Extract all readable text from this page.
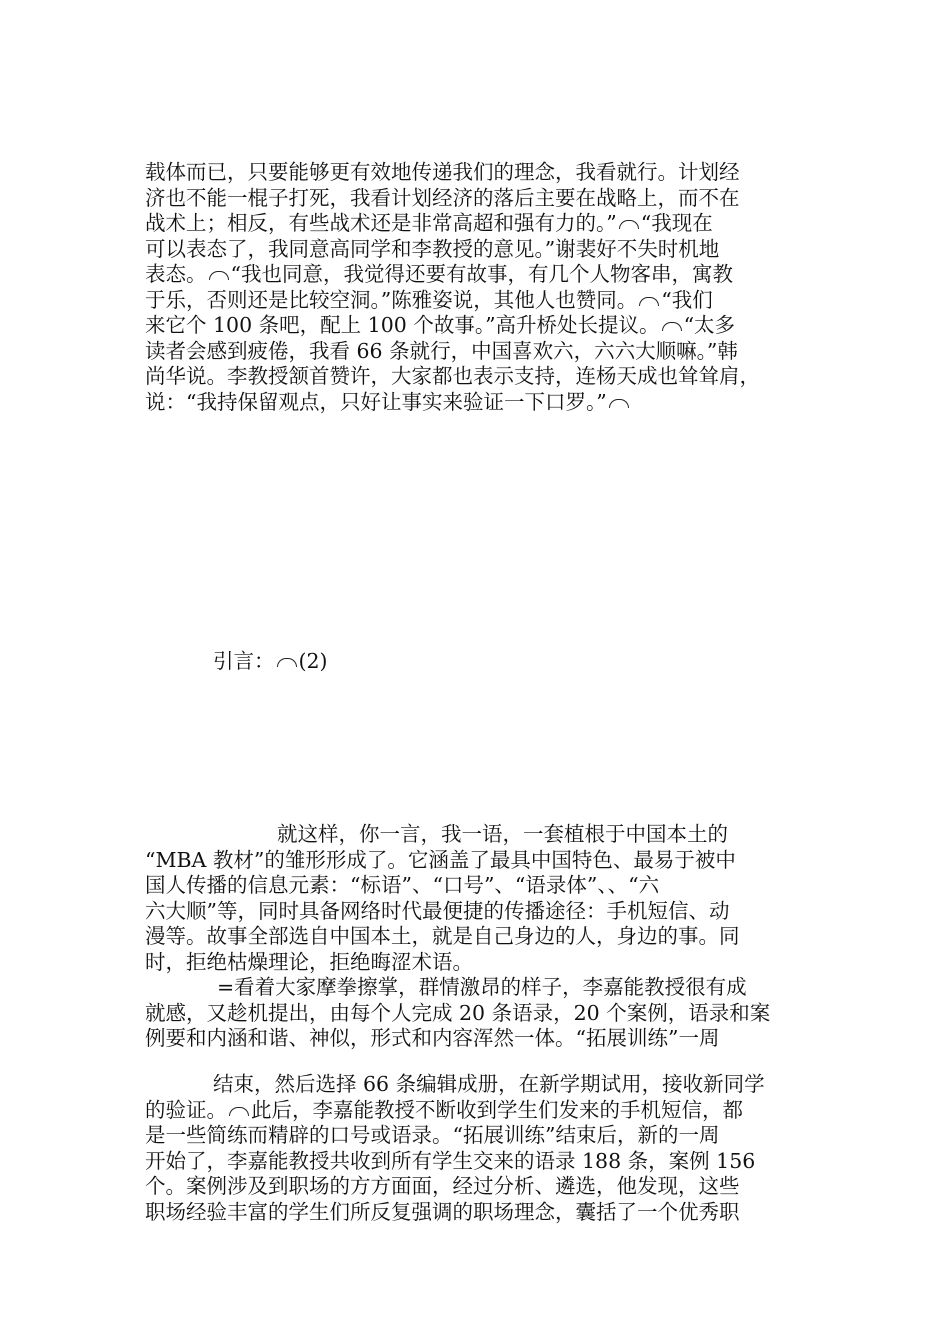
载体而已，只要能够更有效地传递我们的理念，我看就行。计划经
济也不能一棍子打死，我看计划经济的落后主要在战略上，而不在
战术上；相反，有些战术还是非常高超和强有力的。” “我现在
可以表态了，我同意高同学和李教授的意见。”谢裴好不失时机地
表态。 “我也同意，我觉得还要有故事，有几个人物客串，寓教
于乐，否则还是比较空洞。”陈雅姿说，其他人也赞同。 “我们
来它个 100 条吧，配上 100 个故事。”高升桥处长提议。 “太多
读者会感到疲倦，我看 66 条就行，中国喜欢六，六六大顺嘛。”韩
尚华说。李教授颔首赞许，大家都也表示支持，连杨天成也耸耸肩，
说：“我持保留观点，只好让事实来验证一下口罗。”

引言： (2)

就这样，你一言，我一语，一套植根于中国本土的
“MBA 教材”的雏形形成了。它涵盖了最具中国特色、最易于被中
国人传播的信息元素：“标语”、“口号”、“语录体”、、“六
六大顺”等，同时具备网络时代最便捷的传播途径：手机短信、动
漫等。故事全部选自中国本土，就是自己身边的人，身边的事。同
时，拒绝枯燥理论，拒绝晦涩术语。

=看着大家摩拳擦掌，群情激昂的样子，李嘉能教授很有成
就感，又趁机提出，由每个人完成 20 条语录，20 个案例，语录和案
例要和内涵和谐、神似，形式和内容浑然一体。“拓展训练”一周

结束，然后选择 66 条编辑成册，在新学期试用，接收新同学
的验证。 此后，李嘉能教授不断收到学生们发来的手机短信，都
是一些简练而精辟的口号或语录。“拓展训练”结束后，新的一周
开始了，李嘉能教授共收到所有学生交来的语录 188 条，案例 156
个。案例涉及到职场的方方面面，经过分析、遴选，他发现，这些
职场经验丰富的学生们所反复强调的职场理念，囊括了一个优秀职
